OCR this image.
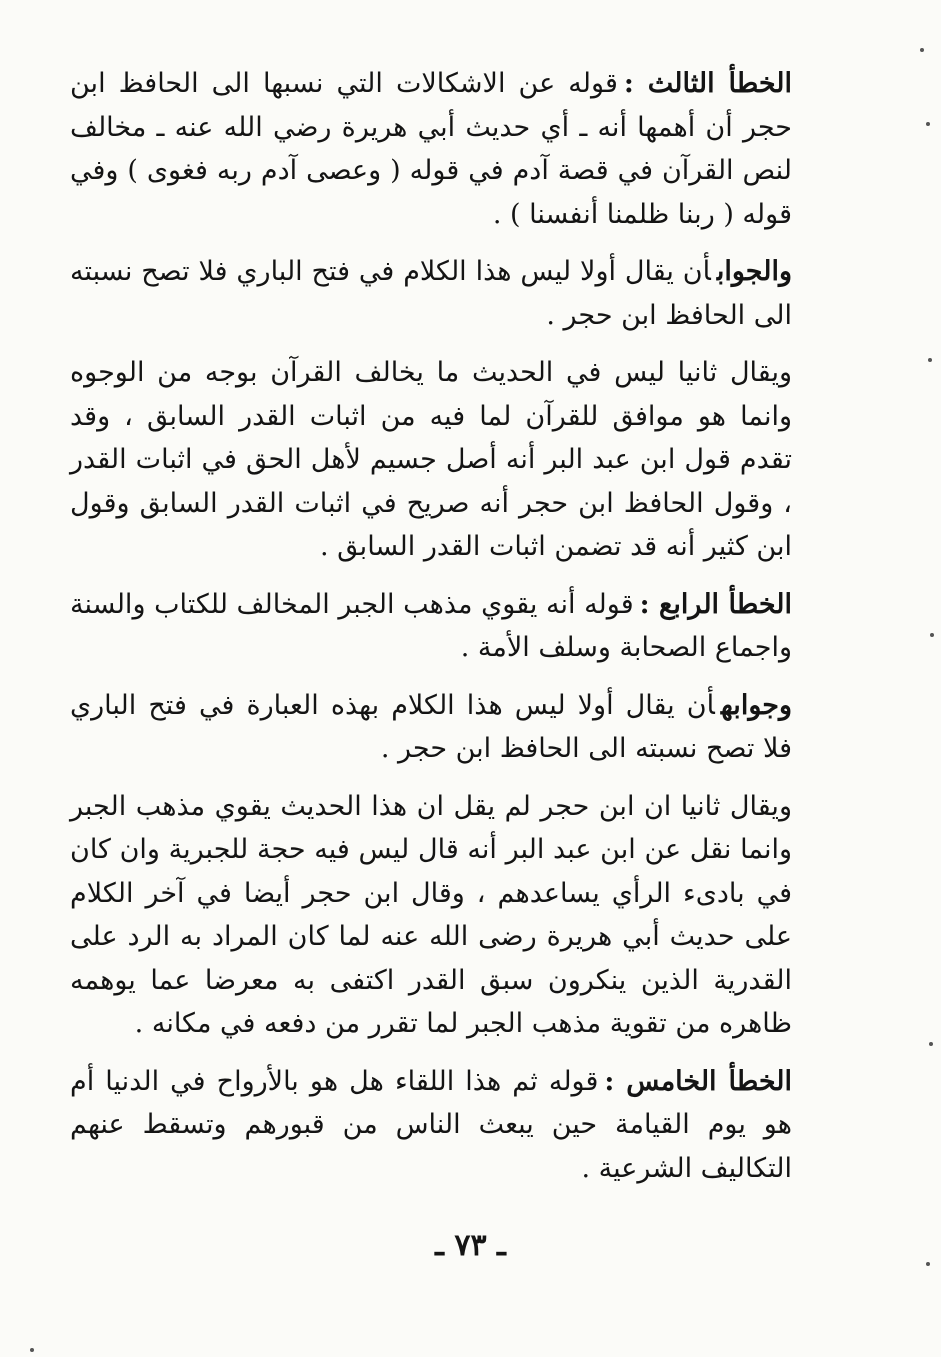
الخطأ الثالث :قوله عن الاشكالات التي نسبها الى الحافظ ابن حجر أن أهمها أنه ـ أي حديث أبي هريرة رضي الله عنه ـ مخالف لنص القرآن في قصة آدم في قوله ( وعصى آدم ربه فغوى ) وفي قوله ( ربنا ظلمنا أنفسنا ) .

والجوابأن يقال أولا ليس هذا الكلام في فتح الباري فلا تصح نسبته الى الحافظ ابن حجر .

ويقال ثانيا ليس في الحديث ما يخالف القرآن بوجه من الوجوه وانما هو موافق للقرآن لما فيه من اثبات القدر السابق ، وقد تقدم قول ابن عبد البر أنه أصل جسيم لأهل الحق في اثبات القدر ، وقول الحافظ ابن حجر أنه صريح في اثبات القدر السابق وقول ابن كثير أنه قد تضمن اثبات القدر السابق .

الخطأ الرابع :قوله أنه يقوي مذهب الجبر المخالف للكتاب والسنة واجماع الصحابة وسلف الأمة .

وجوابهأن يقال أولا ليس هذا الكلام بهذه العبارة في فتح الباري فلا تصح نسبته الى الحافظ ابن حجر .

ويقال ثانيا ان ابن حجر لم يقل ان هذا الحديث يقوي مذهب الجبر وانما نقل عن ابن عبد البر أنه قال ليس فيه حجة للجبرية وان كان في بادىء الرأي يساعدهم ، وقال ابن حجر أيضا في آخر الكلام على حديث أبي هريرة رضى الله عنه لما كان المراد به الرد على القدرية الذين ينكرون سبق القدر اكتفى به معرضا عما يوهمه ظاهره من تقوية مذهب الجبر لما تقرر من دفعه في مكانه .

الخطأ الخامس :قوله ثم هذا اللقاء هل هو بالأرواح في الدنيا أم هو يوم القيامة حين يبعث الناس من قبورهم وتسقط عنهم التكاليف الشرعية .

ـ ٧٣ ـ
